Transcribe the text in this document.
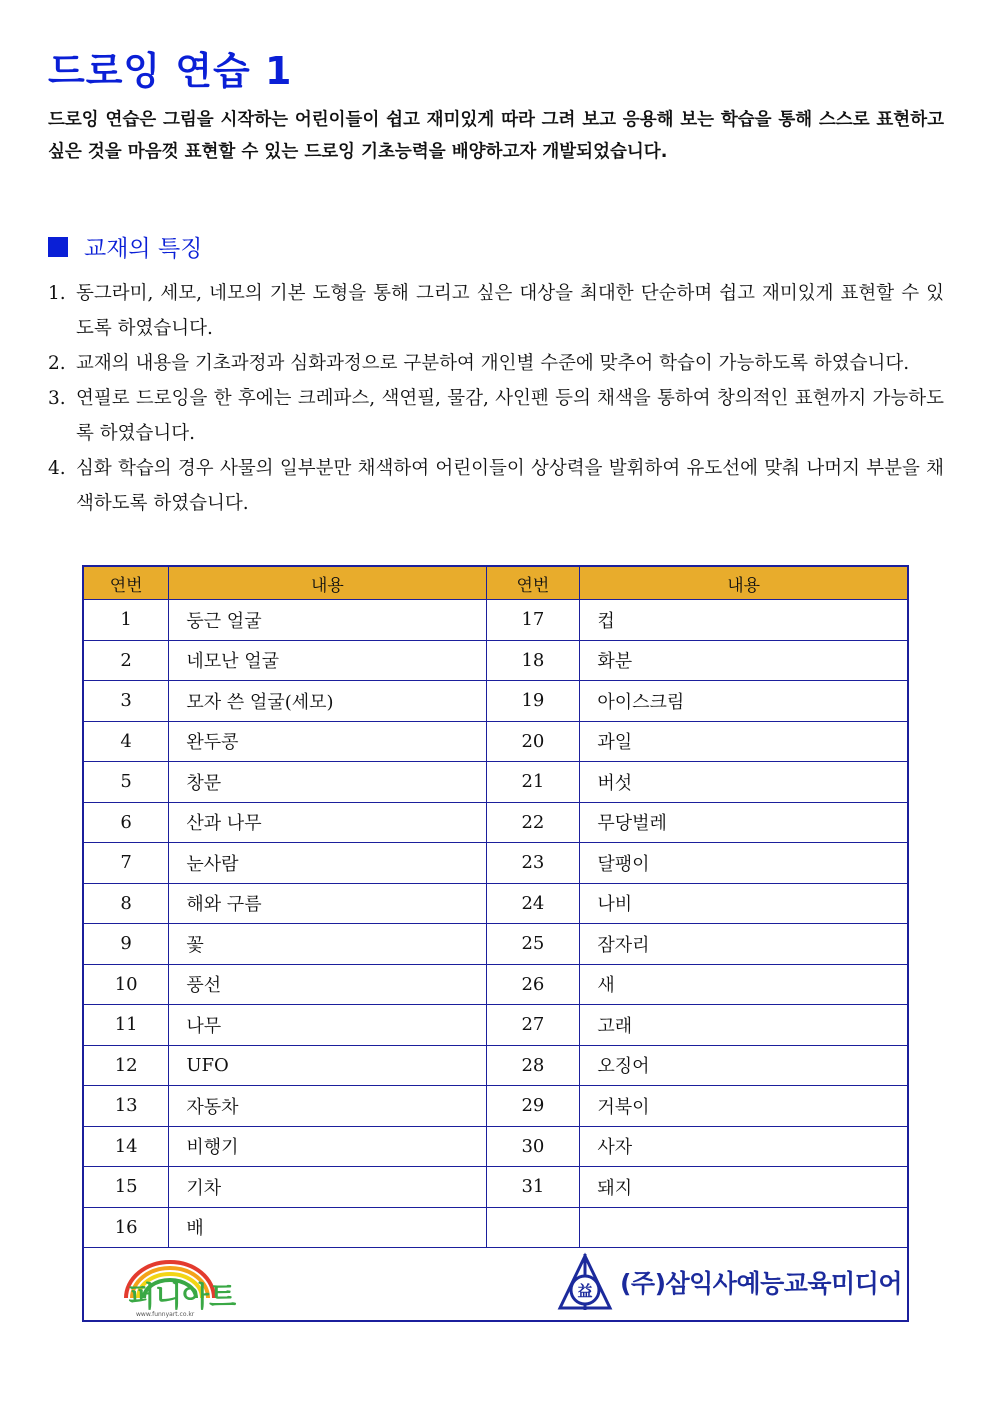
드로잉 연습 1

드로잉 연습은 그림을 시작하는 어린이들이 쉽고 재미있게 따라 그려 보고 응용해 보는 학습을 통해 스스로 표현하고 싶은 것을 마음껏 표현할 수 있는 드로잉 기초능력을 배양하고자 개발되었습니다.

교재의 특징
1. 동그라미, 세모, 네모의 기본 도형을 통해 그리고 싶은 대상을 최대한 단순하며 쉽고 재미있게 표현할 수 있도록 하였습니다.
2. 교재의 내용을 기초과정과 심화과정으로 구분하여 개인별 수준에 맞추어 학습이 가능하도록 하였습니다.
3. 연필로 드로잉을 한 후에는 크레파스, 색연필, 물감, 사인펜 등의 채색을 통하여 창의적인 표현까지 가능하도록 하였습니다.
4. 심화 학습의 경우 사물의 일부분만 채색하여 어린이들이 상상력을 발휘하여 유도선에 맞춰 나머지 부분을 채색하도록 하였습니다.
연번	내용	연번	내용
1	둥근 얼굴	17	컵
2	네모난 얼굴	18	화분
3	모자 쓴 얼굴(세모)	19	아이스크림
4	완두콩	20	과일
5	창문	21	버섯
6	산과 나무	22	무당벌레
7	눈사람	23	달팽이
8	해와 구름	24	나비
9	꽃	25	잠자리
10	풍선	26	새
11	나무	27	고래
12	UFO	28	오징어
13	자동차	29	거북이
14	비행기	30	사자
15	기차	31	돼지
16	배		

퍼니아트
www.funnyart.co.kr
益 (주)삼익사예능교육미디어			
